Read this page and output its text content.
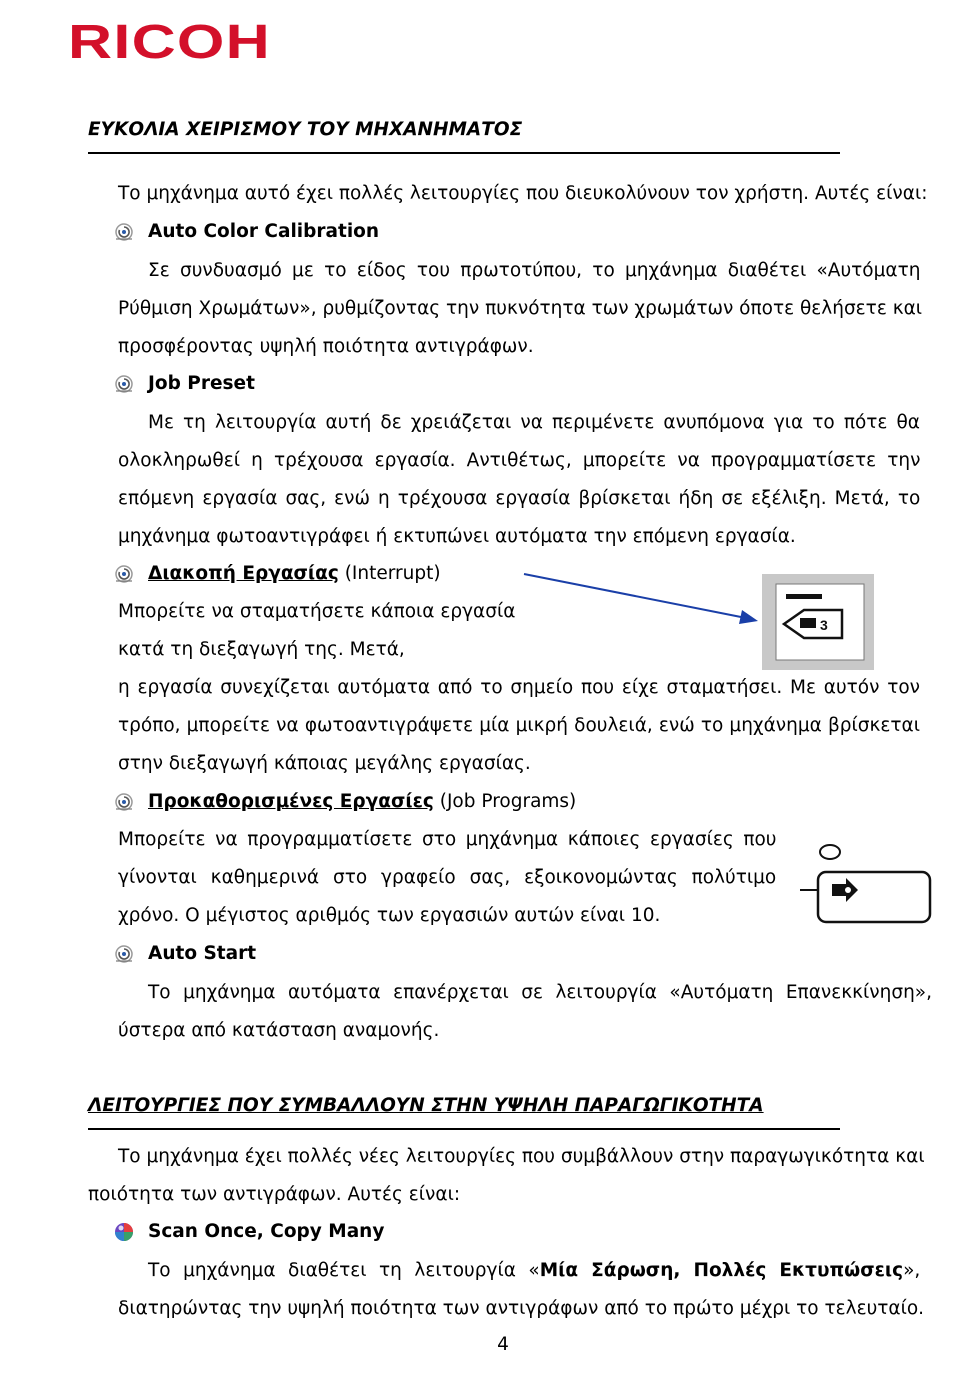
RICOH
ΕΥΚΟΛΙΑ ΧΕΙΡΙΣΜΟΥ ΤΟΥ ΜΗΧΑΝΗΜΑΤΟΣ
Το μηχάνημα αυτό έχει πολλές λειτουργίες που διευκολύνουν τον χρήστη. Αυτές είναι:
Auto Color Calibration
Σε συνδυασμό με το είδος του πρωτοτύπου, το μηχάνημα διαθέτει «Αυτόματη
Ρύθμιση Χρωμάτων», ρυθμίζοντας την πυκνότητα των χρωμάτων όποτε θελήσετε και
προσφέροντας υψηλή ποιότητα αντιγράφων.
Job Preset
Με τη λειτουργία αυτή δε χρειάζεται να περιμένετε ανυπόμονα για το πότε θα
ολοκληρωθεί η τρέχουσα εργασία. Αντιθέτως, μπορείτε να προγραμματίσετε την
επόμενη εργασία σας, ενώ η τρέχουσα εργασία βρίσκεται ήδη σε εξέλιξη. Μετά, το
μηχάνημα φωτοαντιγράφει ή εκτυπώνει αυτόματα την επόμενη εργασία.
Διακοπή Εργασίας (Interrupt)
3
Μπορείτε να σταματήσετε κάποια εργασία
κατά τη διεξαγωγή της. Μετά,
η εργασία συνεχίζεται αυτόματα από το σημείο που είχε σταματήσει. Με αυτόν τον
τρόπο, μπορείτε να φωτοαντιγράψετε μία μικρή δουλειά, ενώ το μηχάνημα βρίσκεται
στην διεξαγωγή κάποιας μεγάλης εργασίας.
Προκαθορισμένες Εργασίες (Job Programs)
Μπορείτε να προγραμματίσετε στο μηχάνημα κάποιες εργασίες που
γίνονται καθημερινά στο γραφείο σας, εξοικονομώντας πολύτιμο
χρόνο. Ο μέγιστος αριθμός των εργασιών αυτών είναι 10.
Auto Start
Το μηχάνημα αυτόματα επανέρχεται σε λειτουργία «Αυτόματη Επανεκκίνηση»,
ύστερα από κατάσταση αναμονής.
ΛΕΙΤΟΥΡΓΙΕΣ ΠΟΥ ΣΥΜΒΑΛΛΟΥΝ ΣΤΗΝ ΥΨΗΛΗ ΠΑΡΑΓΩΓΙΚΟΤΗΤΑ
Το μηχάνημα έχει πολλές νέες λειτουργίες που συμβάλλουν στην παραγωγικότητα και
ποιότητα των αντιγράφων. Αυτές είναι:
Scan Once, Copy Many
Το μηχάνημα διαθέτει τη λειτουργία «Μία Σάρωση, Πολλές Εκτυπώσεις»,
διατηρώντας την υψηλή ποιότητα των αντιγράφων από το πρώτο μέχρι το τελευταίο.
4
